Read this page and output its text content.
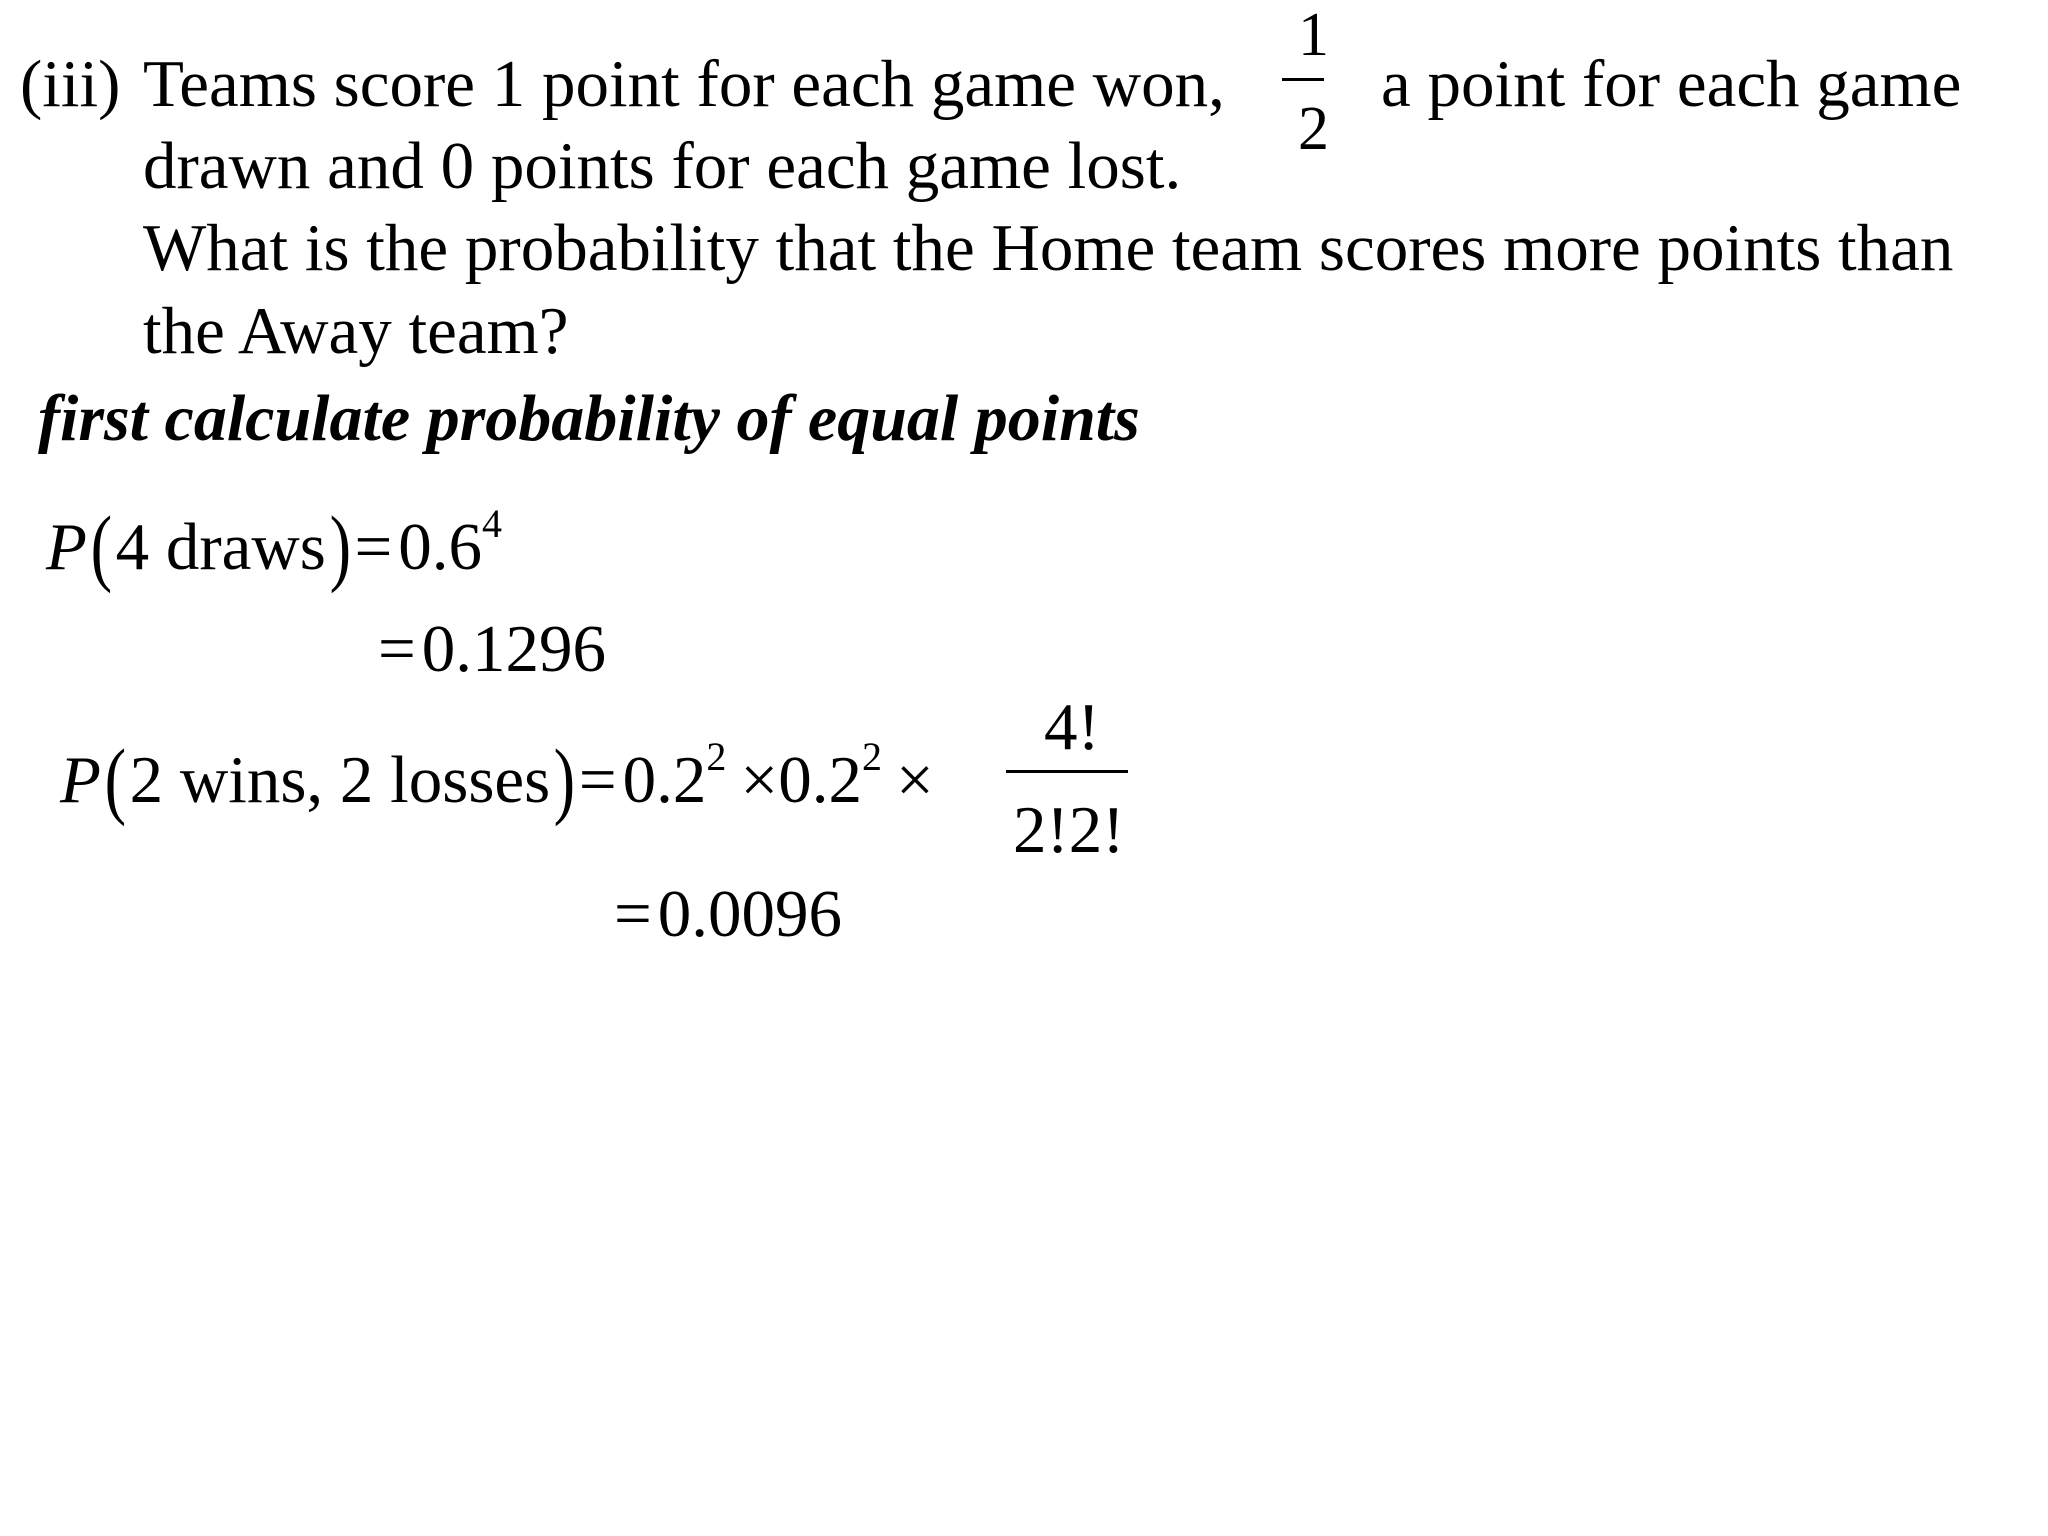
(iii) Teams score 1 point for each game won,
1
2
a point for each game
drawn and 0 points for each game lost.
What is the probability that the Home team scores more points than
the Away team?
first calculate probability of equal points
P(4 $draws)=0.6^4$
=0.1296
P(2 wins, 2 $losses)=0.2^2 \times 0.2^2$ ×
4!
2!2!
=0.0096
